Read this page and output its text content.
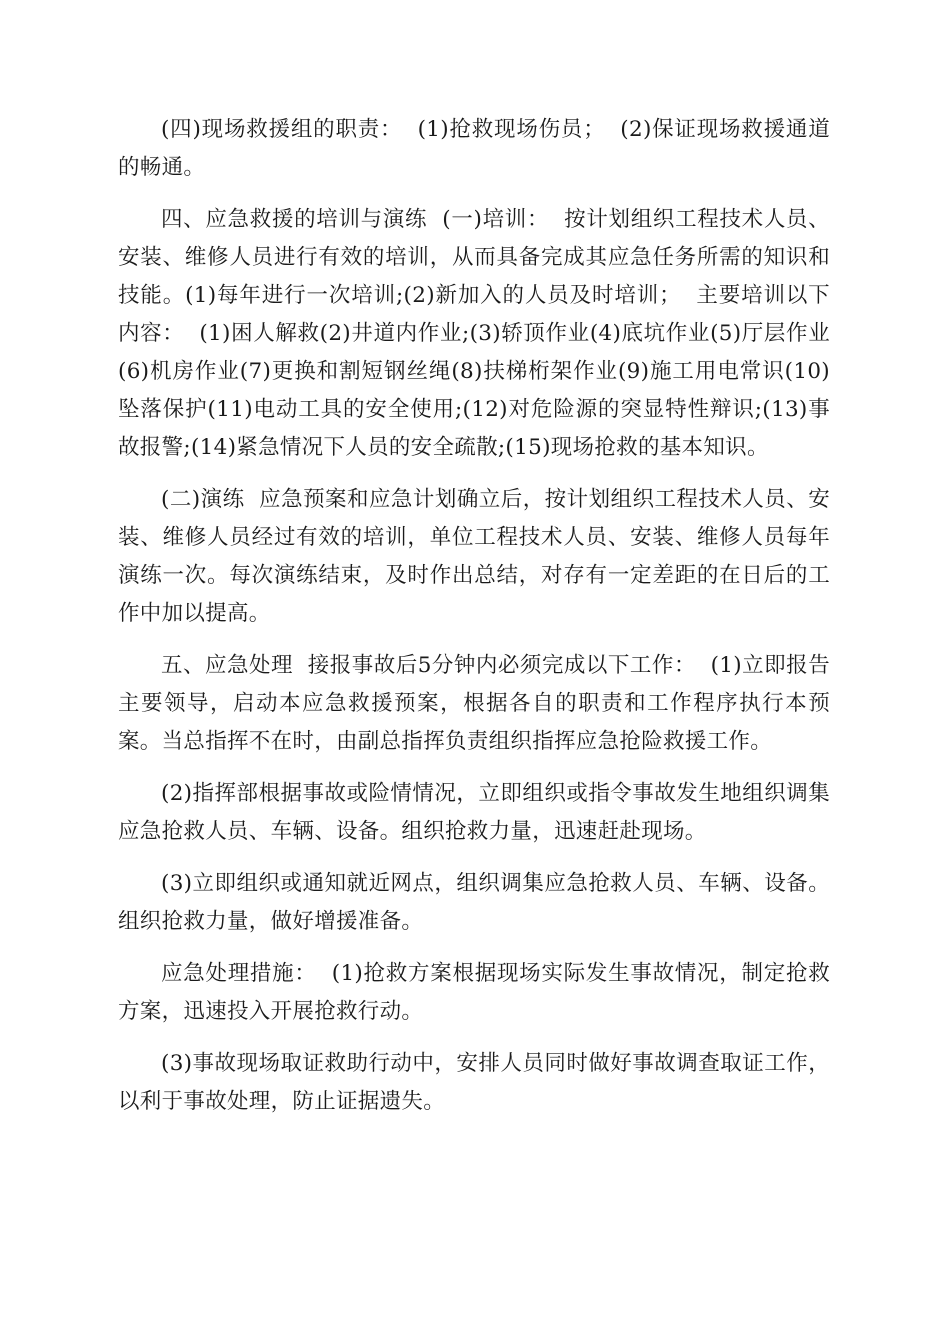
(四)现场救援组的职责：  (1)抢救现场伤员；  (2)保证现场救援通道的畅通。

四、应急救援的培训与演练  (一)培训：  按计划组织工程技术人员、安装、维修人员进行有效的培训，从而具备完成其应急任务所需的知识和技能。(1)每年进行一次培训;(2)新加入的人员及时培训；  主要培训以下内容：  (1)困人解救(2)井道内作业;(3)轿顶作业(4)底坑作业(5)厅层作业(6)机房作业(7)更换和割短钢丝绳(8)扶梯桁架作业(9)施工用电常识(10)坠落保护(11)电动工具的安全使用;(12)对危险源的突显特性辩识;(13)事故报警;(14)紧急情况下人员的安全疏散;(15)现场抢救的基本知识。

(二)演练  应急预案和应急计划确立后，按计划组织工程技术人员、安装、维修人员经过有效的培训，单位工程技术人员、安装、维修人员每年演练一次。每次演练结束，及时作出总结，对存有一定差距的在日后的工作中加以提高。

五、应急处理  接报事故后5分钟内必须完成以下工作：  (1)立即报告主要领导，启动本应急救援预案，根据各自的职责和工作程序执行本预案。当总指挥不在时，由副总指挥负责组织指挥应急抢险救援工作。

(2)指挥部根据事故或险情情况，立即组织或指令事故发生地组织调集应急抢救人员、车辆、设备。组织抢救力量，迅速赶赴现场。

(3)立即组织或通知就近网点，组织调集应急抢救人员、车辆、设备。组织抢救力量，做好增援准备。

应急处理措施：  (1)抢救方案根据现场实际发生事故情况，制定抢救方案，迅速投入开展抢救行动。

(3)事故现场取证救助行动中，安排人员同时做好事故调查取证工作，以利于事故处理，防止证据遗失。
